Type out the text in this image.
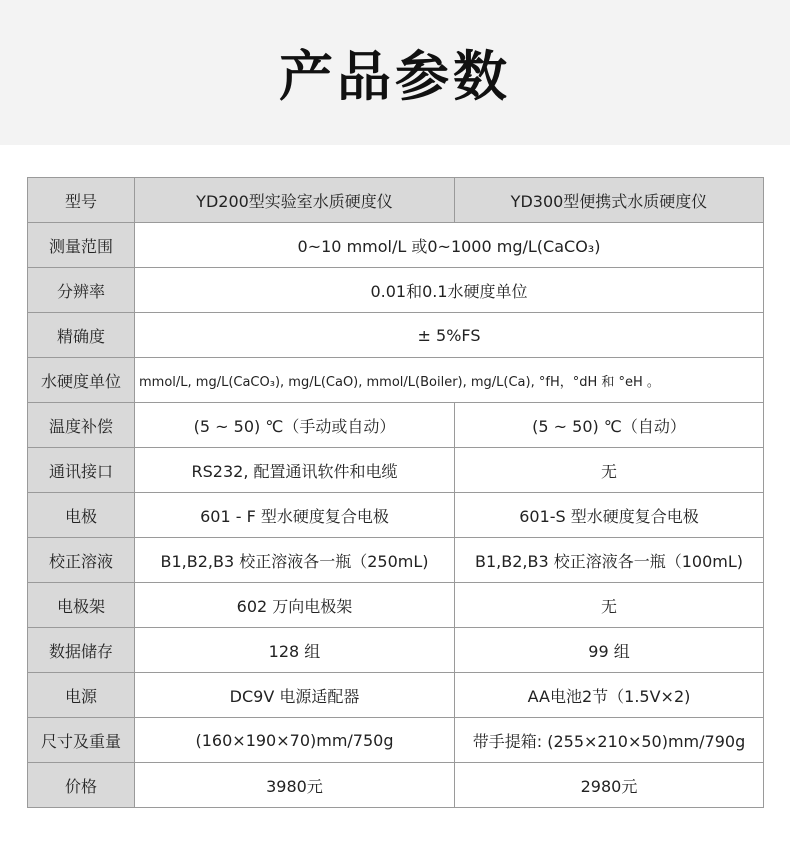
产品参数
型号	YD200型实验室水质硬度仪	YD300型便携式水质硬度仪
测量范围	0~10 mmol/L 或0~1000 mg/L(CaCO₃)	
分辨率	0.01和0.1水硬度单位	
精确度	± 5%FS	
水硬度单位	mmol/L, mg/L(CaCO₃), mg/L(CaO), mmol/L(Boiler), mg/L(Ca), °fH，°dH 和 °eH 。	
温度补偿	(5 ~ 50) ℃（手动或自动）	(5 ~ 50) ℃（自动）
通讯接口	RS232, 配置通讯软件和电缆	无
电极	601 - F 型水硬度复合电极	601-S 型水硬度复合电极
校正溶液	B1,B2,B3 校正溶液各一瓶（250mL)	B1,B2,B3 校正溶液各一瓶（100mL)
电极架	602 万向电极架	无
数据储存	128 组	99 组
电源	DC9V 电源适配器	AA电池2节（1.5V×2)
尺寸及重量	(160×190×70)mm/750g	带手提箱: (255×210×50)mm/790g
价格	3980元	2980元
